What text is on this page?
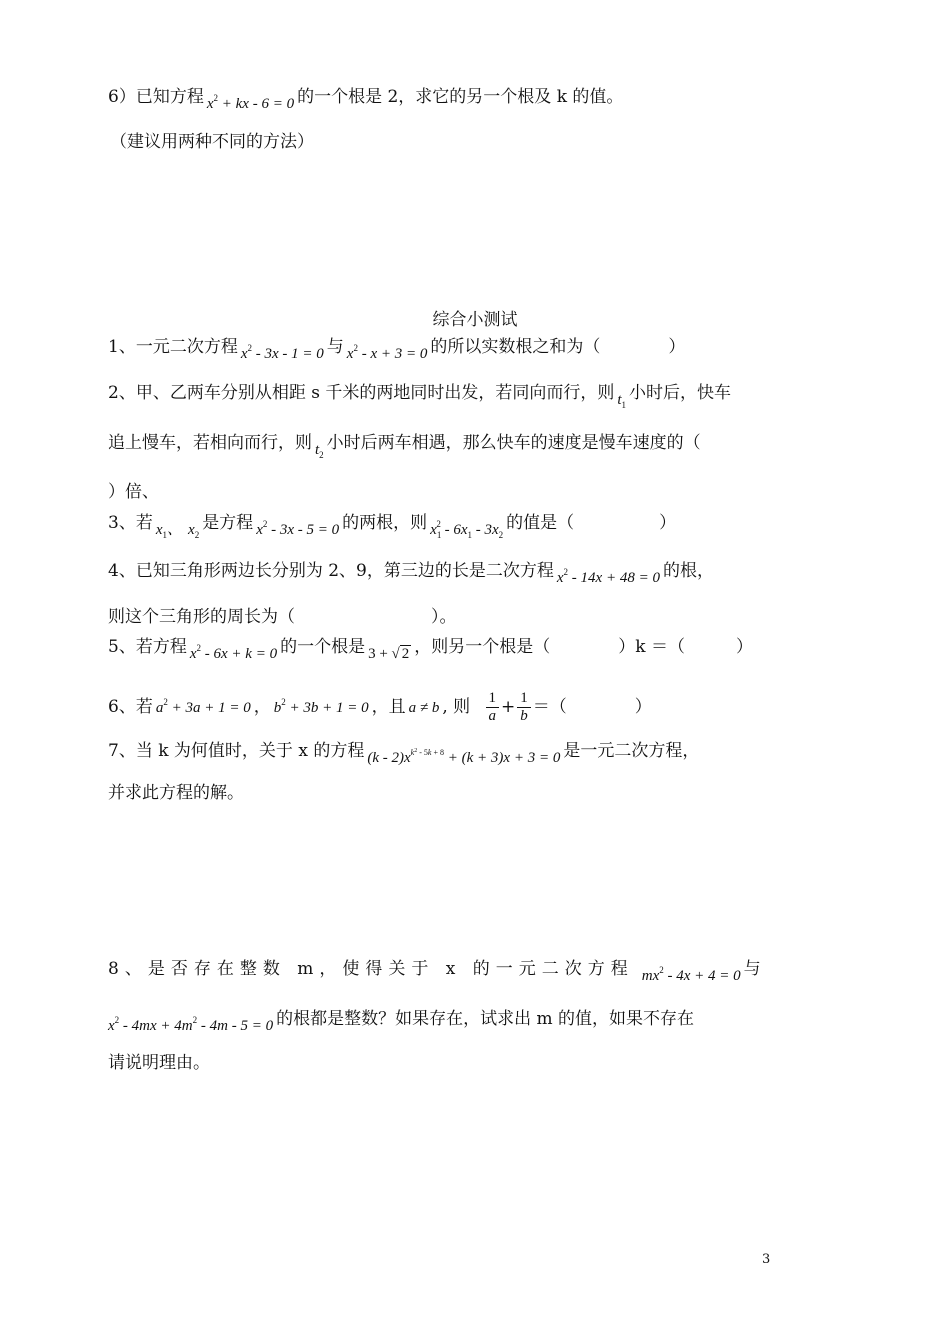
6）已知方程 $x^2$ + kx - 6 = 0 的一个根是 2，求它的另一个根及 k 的值。
（建议用两种不同的方法）
综合小测试
1、一元二次方程 $x^2 - 3x - 1 = 0$ 与 $x^2 - x + 3 = 0$ 的所以实数根之和为（　　　　）
2、甲、乙两车分别从相距 s 千米的两地同时出发，若同向而行，则 $t_1$小时后，快车
追上慢车，若相向而行，则 $t_2$小时后两车相遇，那么快车的速度是慢车速度的（
）倍、
3、若 $x_1$、 $x_2$是方程 $x^2 - 3x - 5 = 0$ 的两根，则 $x_1^2 - 6x_1 - 3x_2$的值是（　　　　　）
4、已知三角形两边长分别为 2、9，第三边的长是二次方程 $x^2 - 14x + 48 = 0$ 的根，
则这个三角形的周长为（　　　　　　　　）。
5、若方程 $x^2 - 6x + k = 0$ 的一个根是 3 + √ 2 ，则另一个根是（　　　　）k ＝（　　　）
6、若 $a^2 + 3a + 1 = 0$ ， $b^2 + 3b + 1 = 0$ ，且 a ≠ b , 则 $\frac{1}{a} + \frac{1}{b}$ ＝（　　　　）
7、当 k 为何值时，关于 x 的方程 $(k - 2)x^{k^2 - 5k + 8} + (k + 3)x + 3 = 0$ 是一元二次方程，
并求此方程的解。
8、是否存在整数 m，使得关于 x 的一元二次方程 $mx^2 - 4x + 4 = 0$ 与
$x^2 - 4mx + 4m^2 - 4m - 5 = 0$ 的根都是整数？如果存在，试求出 m 的值，如果不存在
请说明理由。
3
